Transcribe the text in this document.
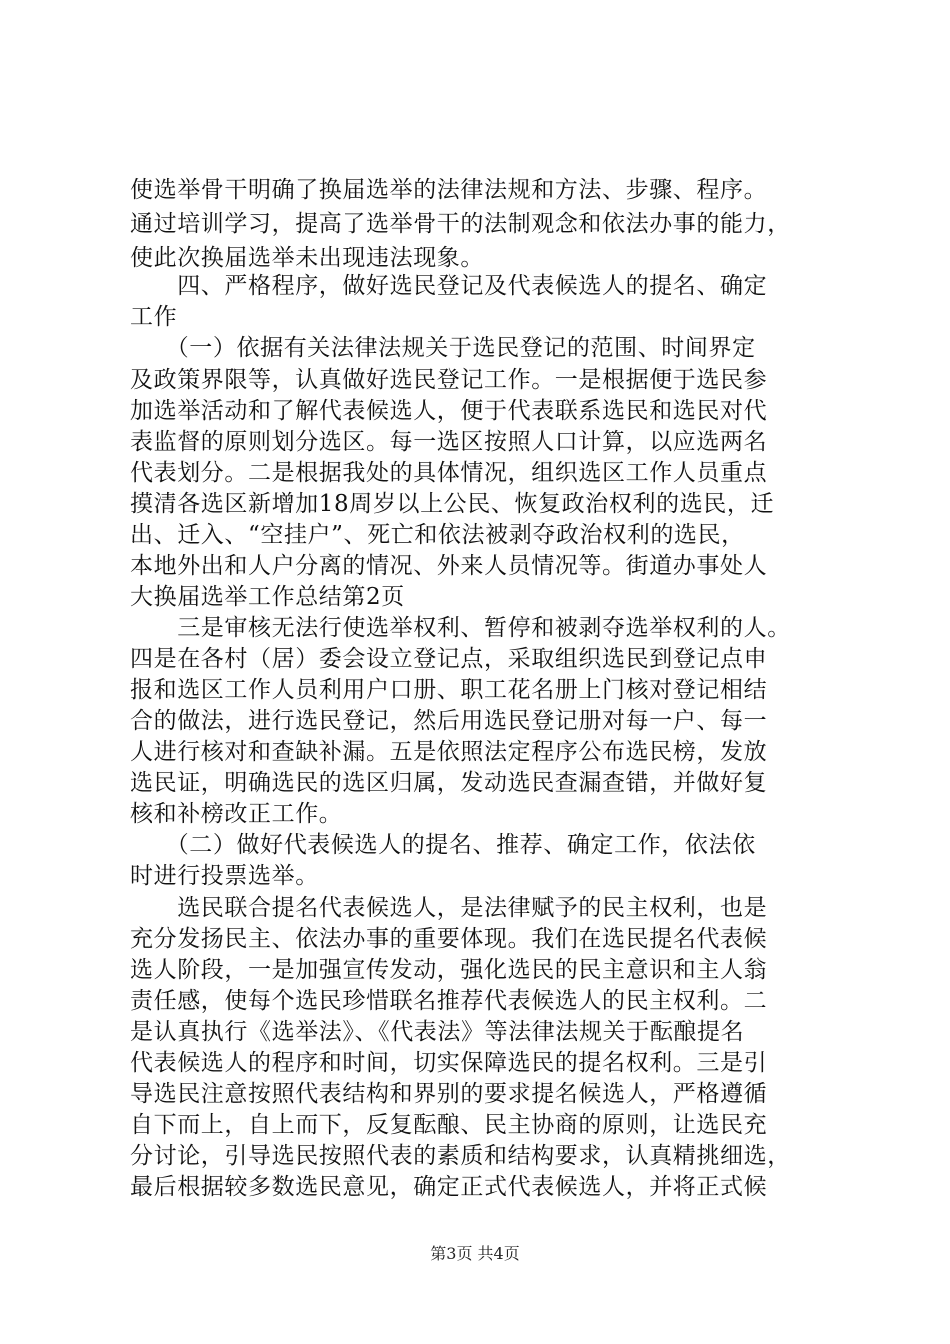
使选举骨干明确了换届选举的法律法规和方法、步骤、程序。
通过培训学习，提高了选举骨干的法制观念和依法办事的能力，
使此次换届选举未出现违法现象。
　　四、严格程序，做好选民登记及代表候选人的提名、确定
工作
　　（一）依据有关法律法规关于选民登记的范围、时间界定
及政策界限等，认真做好选民登记工作。一是根据便于选民参
加选举活动和了解代表候选人，便于代表联系选民和选民对代
表监督的原则划分选区。每一选区按照人口计算，以应选两名
代表划分。二是根据我处的具体情况，组织选区工作人员重点
摸清各选区新增加18周岁以上公民、恢复政治权利的选民，迁
出、迁入、“空挂户”、死亡和依法被剥夺政治权利的选民，
本地外出和人户分离的情况、外来人员情况等。街道办事处人
大换届选举工作总结第2页
　　三是审核无法行使选举权利、暂停和被剥夺选举权利的人。
四是在各村（居）委会设立登记点，采取组织选民到登记点申
报和选区工作人员利用户口册、职工花名册上门核对登记相结
合的做法，进行选民登记，然后用选民登记册对每一户、每一
人进行核对和查缺补漏。五是依照法定程序公布选民榜，发放
选民证，明确选民的选区归属，发动选民查漏查错，并做好复
核和补榜改正工作。
　　（二）做好代表候选人的提名、推荐、确定工作，依法依
时进行投票选举。
　　选民联合提名代表候选人，是法律赋予的民主权利，也是
充分发扬民主、依法办事的重要体现。我们在选民提名代表候
选人阶段，一是加强宣传发动，强化选民的民主意识和主人翁
责任感，使每个选民珍惜联名推荐代表候选人的民主权利。二
是认真执行《选举法》、《代表法》等法律法规关于酝酿提名
代表候选人的程序和时间，切实保障选民的提名权利。三是引
导选民注意按照代表结构和界别的要求提名候选人，严格遵循
自下而上，自上而下，反复酝酿、民主协商的原则，让选民充
分讨论，引导选民按照代表的素质和结构要求，认真精挑细选，
最后根据较多数选民意见，确定正式代表候选人，并将正式候
第3页 共4页
